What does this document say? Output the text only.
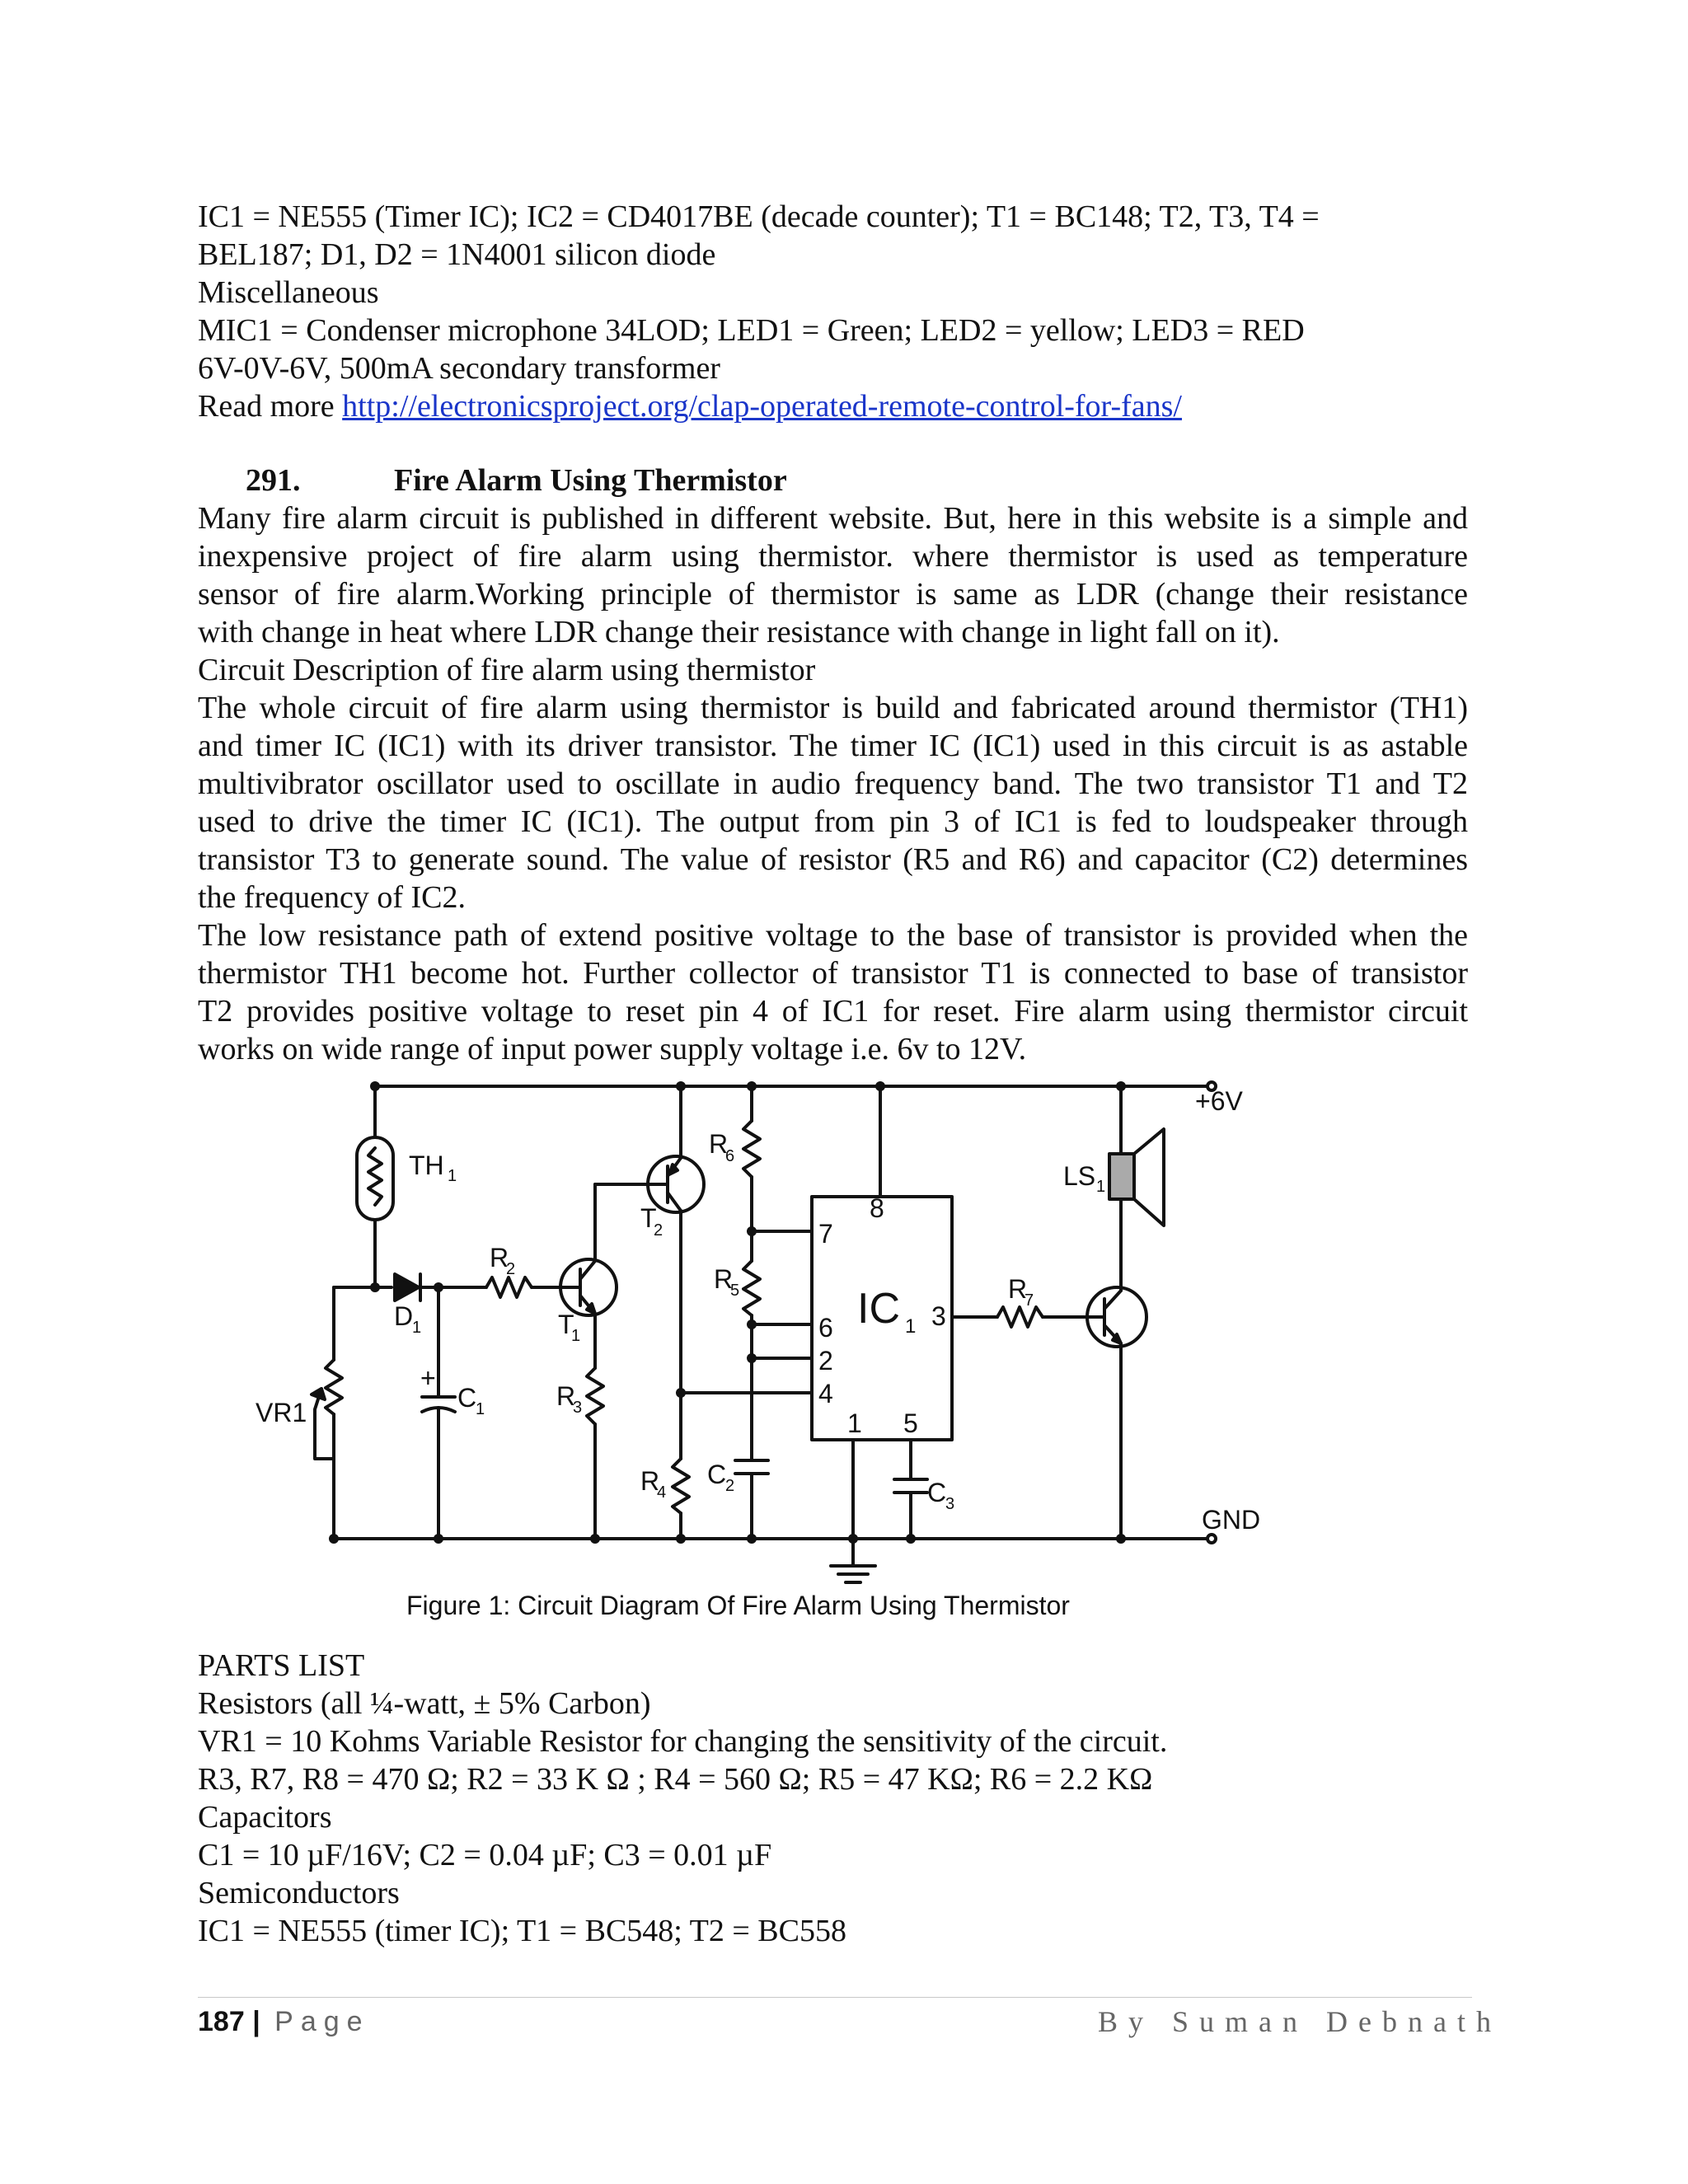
IC1 = NE555 (Timer IC); IC2 = CD4017BE (decade counter); T1 = BC148; T2, T3, T4 =
BEL187; D1, D2 = 1N4001 silicon diode
Miscellaneous
MIC1 = Condenser microphone 34LOD; LED1 = Green; LED2 = yellow; LED3 = RED
6V-0V-6V, 500mA secondary transformer
Read more http://electronicsproject.org/clap-operated-remote-control-for-fans/
291.	Fire Alarm Using Thermistor
Many fire alarm circuit is published in different website. But, here in this website is a simple and
inexpensive project of fire alarm using thermistor. where thermistor is used as temperature
sensor of fire alarm.Working principle of thermistor is same as LDR (change their resistance
with change in heat where LDR change their resistance with change in light fall on it).
Circuit Description of fire alarm using thermistor
The whole circuit of fire alarm using thermistor is build and fabricated around thermistor (TH1)
and timer IC (IC1) with its driver transistor. The timer IC (IC1) used in this circuit is as astable
multivibrator oscillator used to oscillate in audio frequency band. The two transistor T1 and T2
used to drive the timer IC (IC1). The output from pin 3 of IC1 is fed to loudspeaker through
transistor T3 to generate sound. The value of resistor (R5 and R6) and capacitor (C2) determines
the frequency of IC2.
The low resistance path of extend positive voltage to the base of transistor is provided when the
thermistor TH1 become hot. Further collector of transistor T1 is connected to base of transistor
T2 provides positive voltage to reset pin 4 of IC1 for reset. Fire alarm using thermistor circuit
works on wide range of input power supply voltage i.e. 6v to 12V.
+6V
GND
TH 1
D
1
R
2
T
1
T
2
R
6
R
5
R
3
R
4
R
7
C
1
+
C
2	C
3
VR1
LS 1
IC 1
8
7
6
2
4
1 5
3
Figure 1: Circuit Diagram Of Fire Alarm Using Thermistor
PARTS LIST
Resistors (all ¼-watt, ± 5% Carbon)
VR1 = 10 Kohms Variable Resistor for changing the sensitivity of the circuit.
R3, R7, R8 = 470 Ω; R2 = 33 K Ω ; R4 = 560 Ω; R5 = 47 KΩ; R6 = 2.2 KΩ
Capacitors
C1 = 10 µF/16V; C2 = 0.04 µF; C3 = 0.01 µF
Semiconductors
IC1 = NE555 (timer IC); T1 = BC548; T2 = BC558
187 | Page	By Suman Debnath
